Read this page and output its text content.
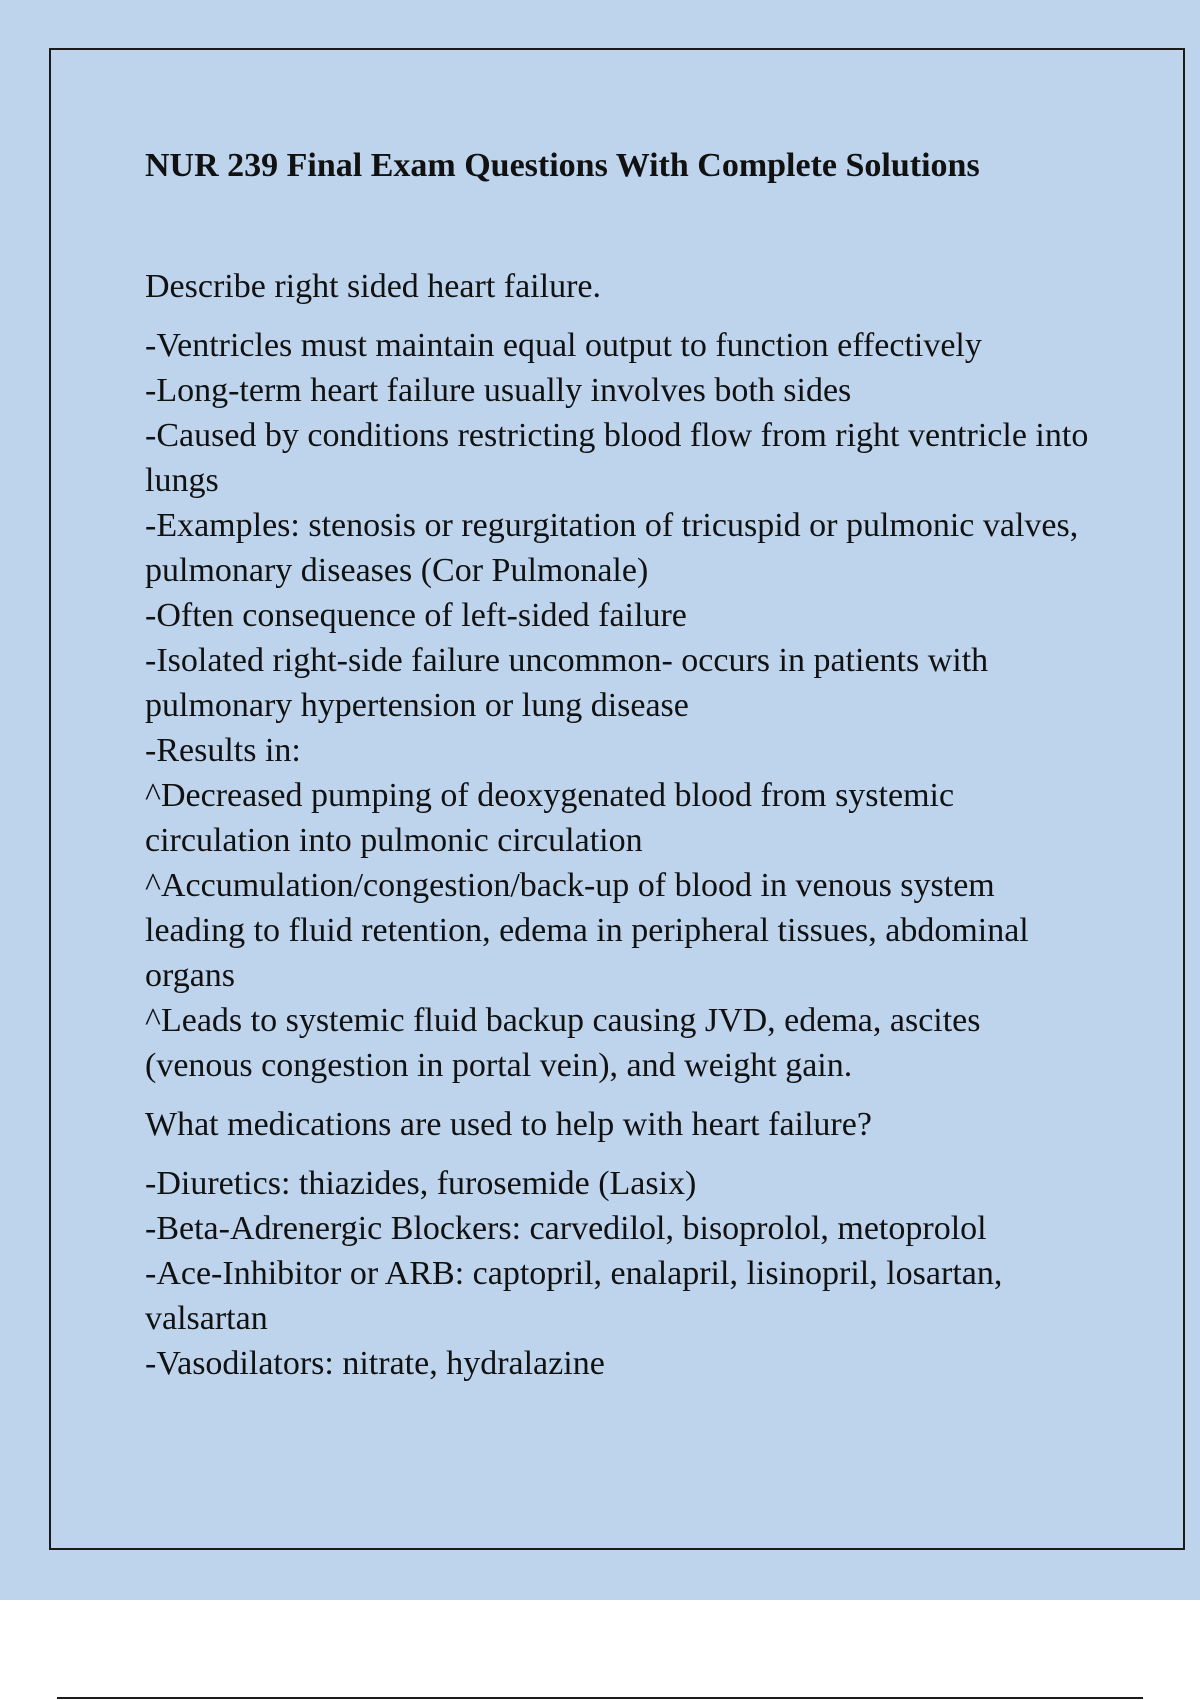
NUR 239 Final Exam Questions With Complete Solutions

Describe right sided heart failure.

-Ventricles must maintain equal output to function effectively
-Long-term heart failure usually involves both sides
-Caused by conditions restricting blood flow from right ventricle into lungs
-Examples: stenosis or regurgitation of tricuspid or pulmonic valves, pulmonary diseases (Cor Pulmonale)
-Often consequence of left-sided failure
-Isolated right-side failure uncommon- occurs in patients with pulmonary hypertension or lung disease
-Results in:
^Decreased pumping of deoxygenated blood from systemic circulation into pulmonic circulation
^Accumulation/congestion/back-up of blood in venous system leading to fluid retention, edema in peripheral tissues, abdominal organs
^Leads to systemic fluid backup causing JVD, edema, ascites (venous congestion in portal vein), and weight gain.

What medications are used to help with heart failure?

-Diuretics: thiazides, furosemide (Lasix)
-Beta-Adrenergic Blockers: carvedilol, bisoprolol, metoprolol
-Ace-Inhibitor or ARB: captopril, enalapril, lisinopril, losartan, valsartan
-Vasodilators: nitrate, hydralazine
